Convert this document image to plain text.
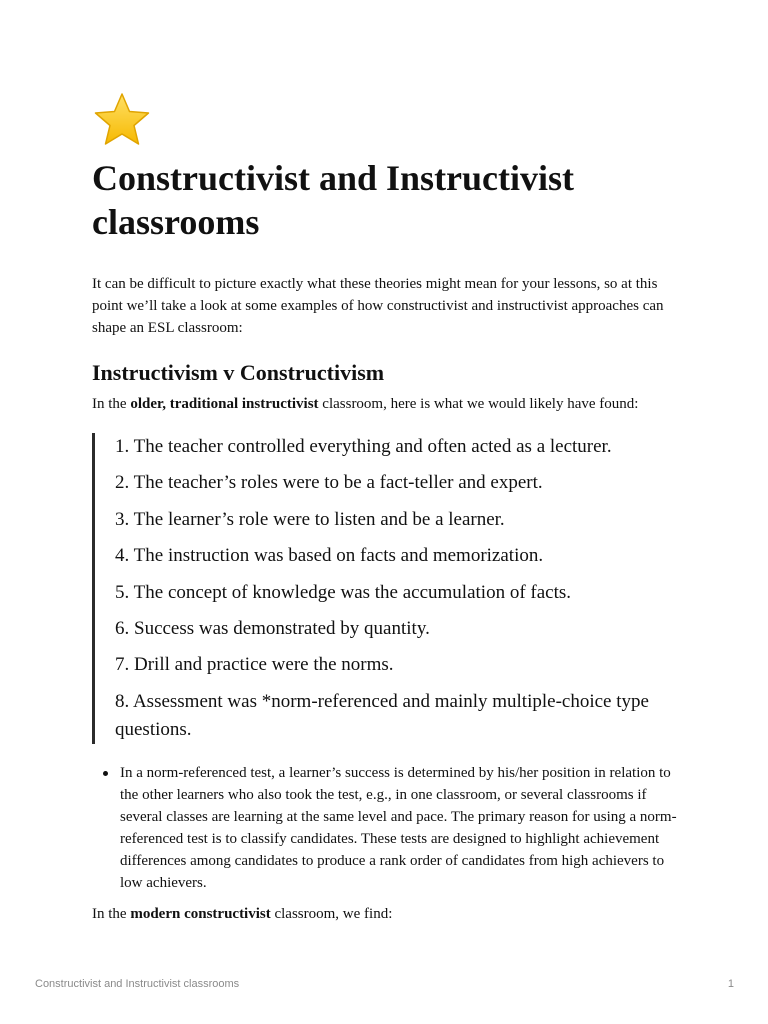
Constructivist and Instructivist classrooms

It can be difficult to picture exactly what these theories might mean for your lessons, so at this point we’ll take a look at some examples of how constructivist and instructivist approaches can shape an ESL classroom:

Instructivism v Constructivism

In the older, traditional instructivist classroom, here is what we would likely have found:

1. The teacher controlled everything and often acted as a lecturer.

2. The teacher’s roles were to be a fact-teller and expert.

3. The learner’s role were to listen and be a learner.

4. The instruction was based on facts and memorization.

5. The concept of knowledge was the accumulation of facts.

6. Success was demonstrated by quantity.

7. Drill and practice were the norms.

8. Assessment was *norm-referenced and mainly multiple-choice type questions.

In a norm-referenced test, a learner’s success is determined by his/her position in relation to the other learners who also took the test, e.g., in one classroom, or several classrooms if several classes are learning at the same level and pace. The primary reason for using a norm-referenced test is to classify candidates. These tests are designed to highlight achievement differences among candidates to produce a rank order of candidates from high achievers to low achievers.

In the modern constructivist classroom, we find:

Constructivist and Instructivist classrooms	1
